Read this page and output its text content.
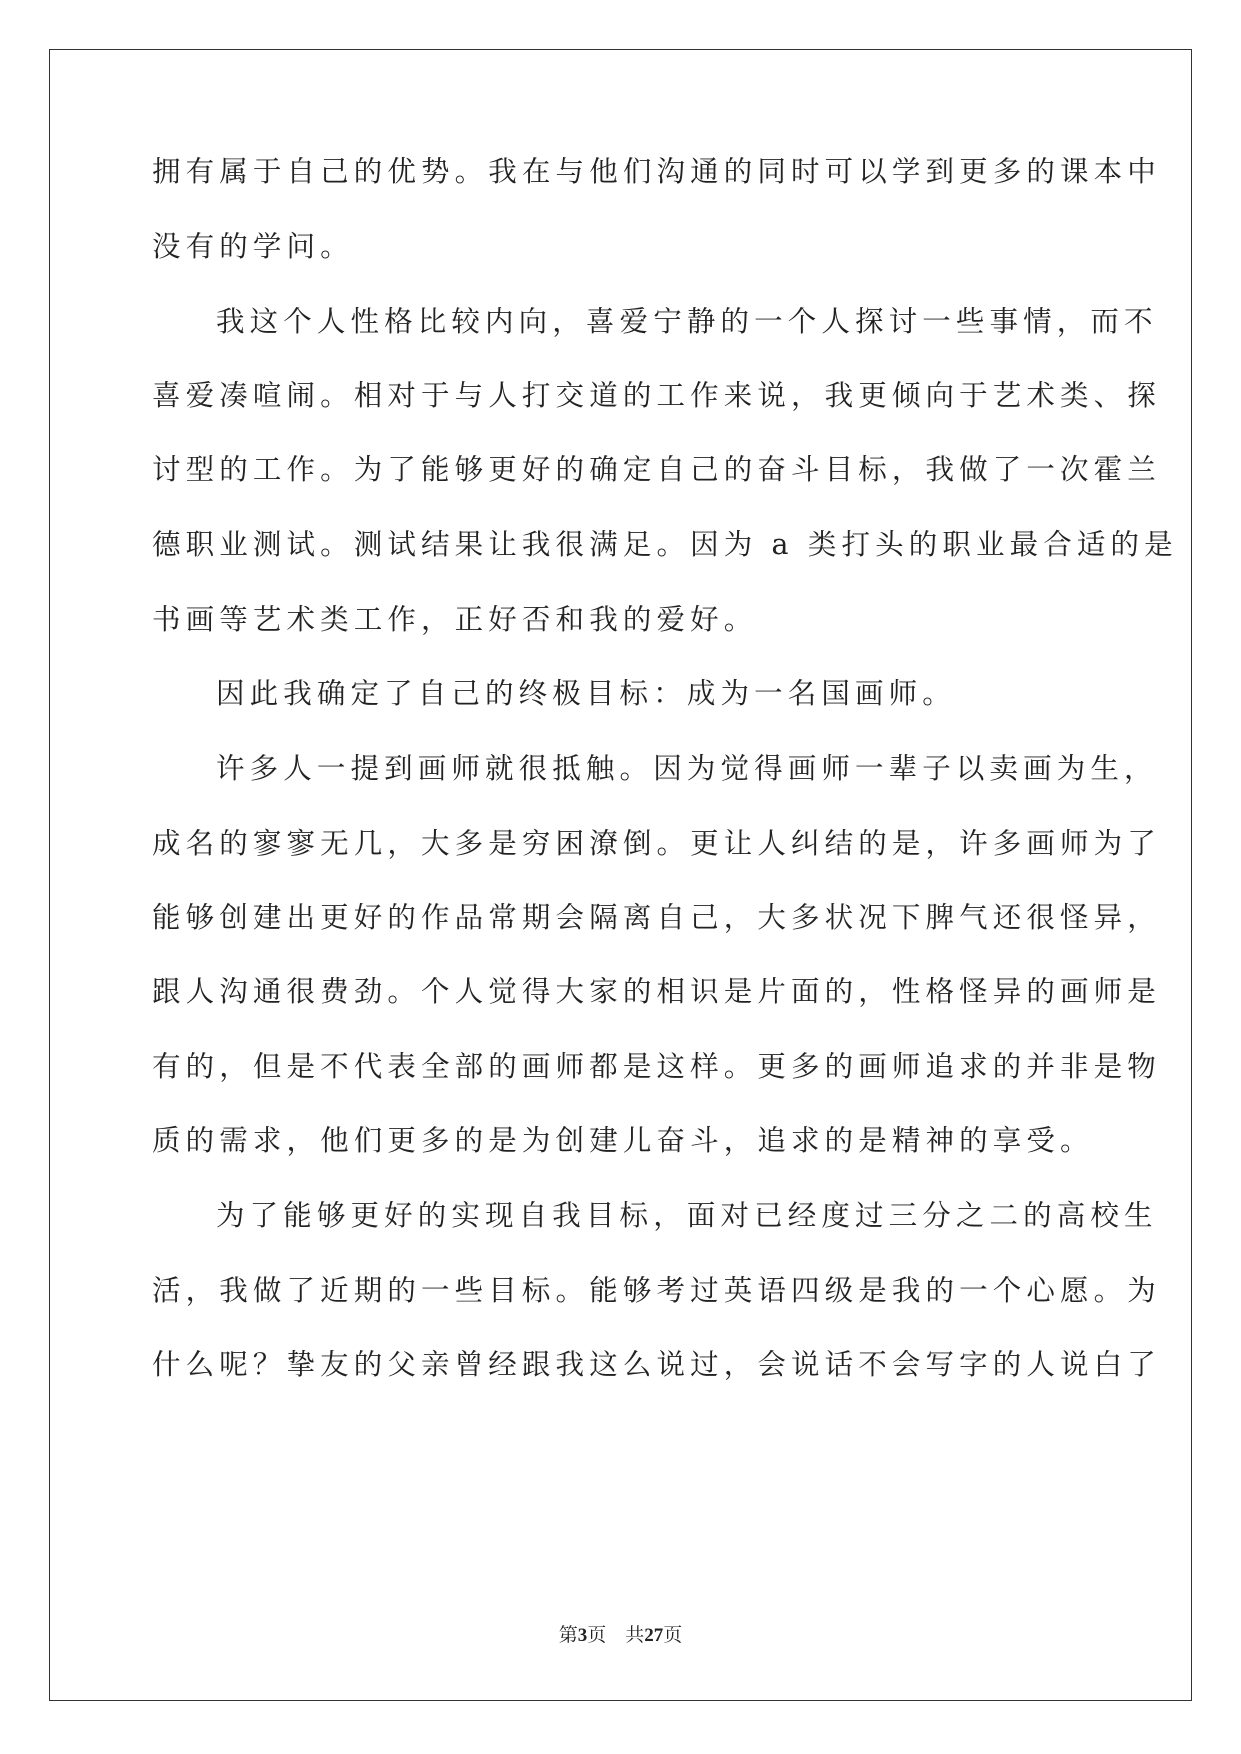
拥有属于自己的优势。我在与他们沟通的同时可以学到更多的课本中

没有的学问。

我这个人性格比较内向，喜爱宁静的一个人探讨一些事情，而不

喜爱凑喧闹。相对于与人打交道的工作来说，我更倾向于艺术类、探

讨型的工作。为了能够更好的确定自己的奋斗目标，我做了一次霍兰

德职业测试。测试结果让我很满足。因为 a 类打头的职业最合适的是

书画等艺术类工作，正好否和我的爱好。

因此我确定了自己的终极目标：成为一名国画师。

许多人一提到画师就很抵触。因为觉得画师一辈子以卖画为生，

成名的寥寥无几，大多是穷困潦倒。更让人纠结的是，许多画师为了

能够创建出更好的作品常期会隔离自己，大多状况下脾气还很怪异，

跟人沟通很费劲。个人觉得大家的相识是片面的，性格怪异的画师是

有的，但是不代表全部的画师都是这样。更多的画师追求的并非是物

质的需求，他们更多的是为创建儿奋斗，追求的是精神的享受。

为了能够更好的实现自我目标，面对已经度过三分之二的高校生

活，我做了近期的一些目标。能够考过英语四级是我的一个心愿。为

什么呢？挚友的父亲曾经跟我这么说过，会说话不会写字的人说白了

第3页　共27页
